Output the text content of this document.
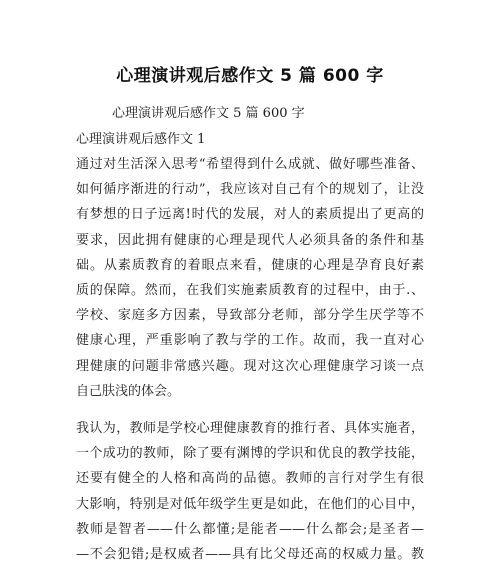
心理演讲观后感作文 5 篇 600 字

心理演讲观后感作文 5 篇 600 字

心理演讲观后感作文 1

通过对生活深入思考“希望得到什么成就、做好哪些准备、
如何循序渐进的行动”，我应该对自己有个的规划了，让没
有梦想的日子远离!时代的发展，对人的素质提出了更高的
要求，因此拥有健康的心理是现代人必须具备的条件和基
础。从素质教育的着眼点来看，健康的心理是孕育良好素
质的保障。然而，在我们实施素质教育的过程中，由于.、
学校、家庭多方因素，导致部分老师，部分学生厌学等不
健康心理，严重影响了教与学的工作。故而，我一直对心
理健康的问题非常感兴趣。现对这次心理健康学习谈一点
自己肤浅的体会。
我认为，教师是学校心理健康教育的推行者、具体实施者，
一个成功的教师，除了要有渊博的学识和优良的教学技能，
还要有健全的人格和高尚的品德。教师的言行对学生有很
大影响，特别是对低年级学生更是如此，在他们的心目中，
教师是智者——什么都懂;是能者——什么都会;是圣者—
—不会犯错;是权威者——具有比父母还高的权威力量。教
